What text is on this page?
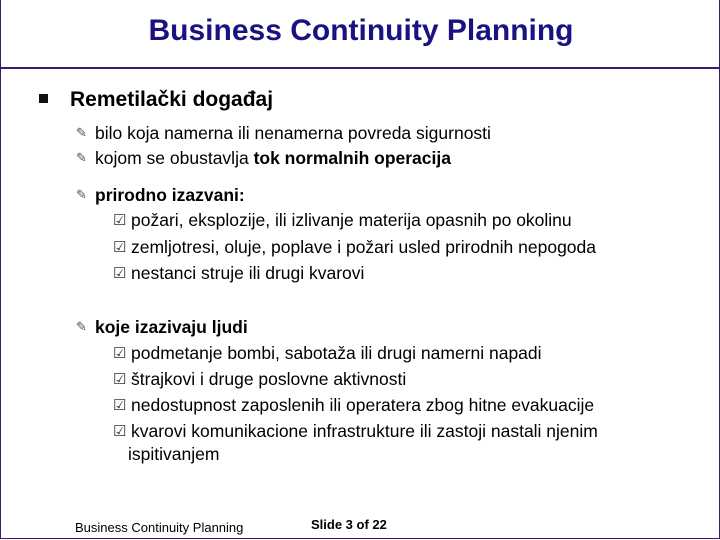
Business Continuity Planning
Remetilački događaj
✎ bilo koja namerna ili nenamerna povreda sigurnosti
✎ kojom se obustavlja tok normalnih operacija
✎ prirodno izazvani:
☑ požari, eksplozije, ili izlivanje materija opasnih po okolinu
☑ zemljotresi, oluje, poplave i požari usled prirodnih nepogoda
☑ nestanci struje ili drugi kvarovi
✎ koje izazivaju ljudi
☑ podmetanje bombi, sabotaža ili drugi namerni napadi
☑ štrajkovi i druge poslovne aktivnosti
☑ nedostupnost zaposlenih ili operatera zbog hitne evakuacije
☑ kvarovi komunikacione infrastrukture ili zastoji nastali njenim
ispitivanjem
Business Continuity Planning	Slide 3 of 22
